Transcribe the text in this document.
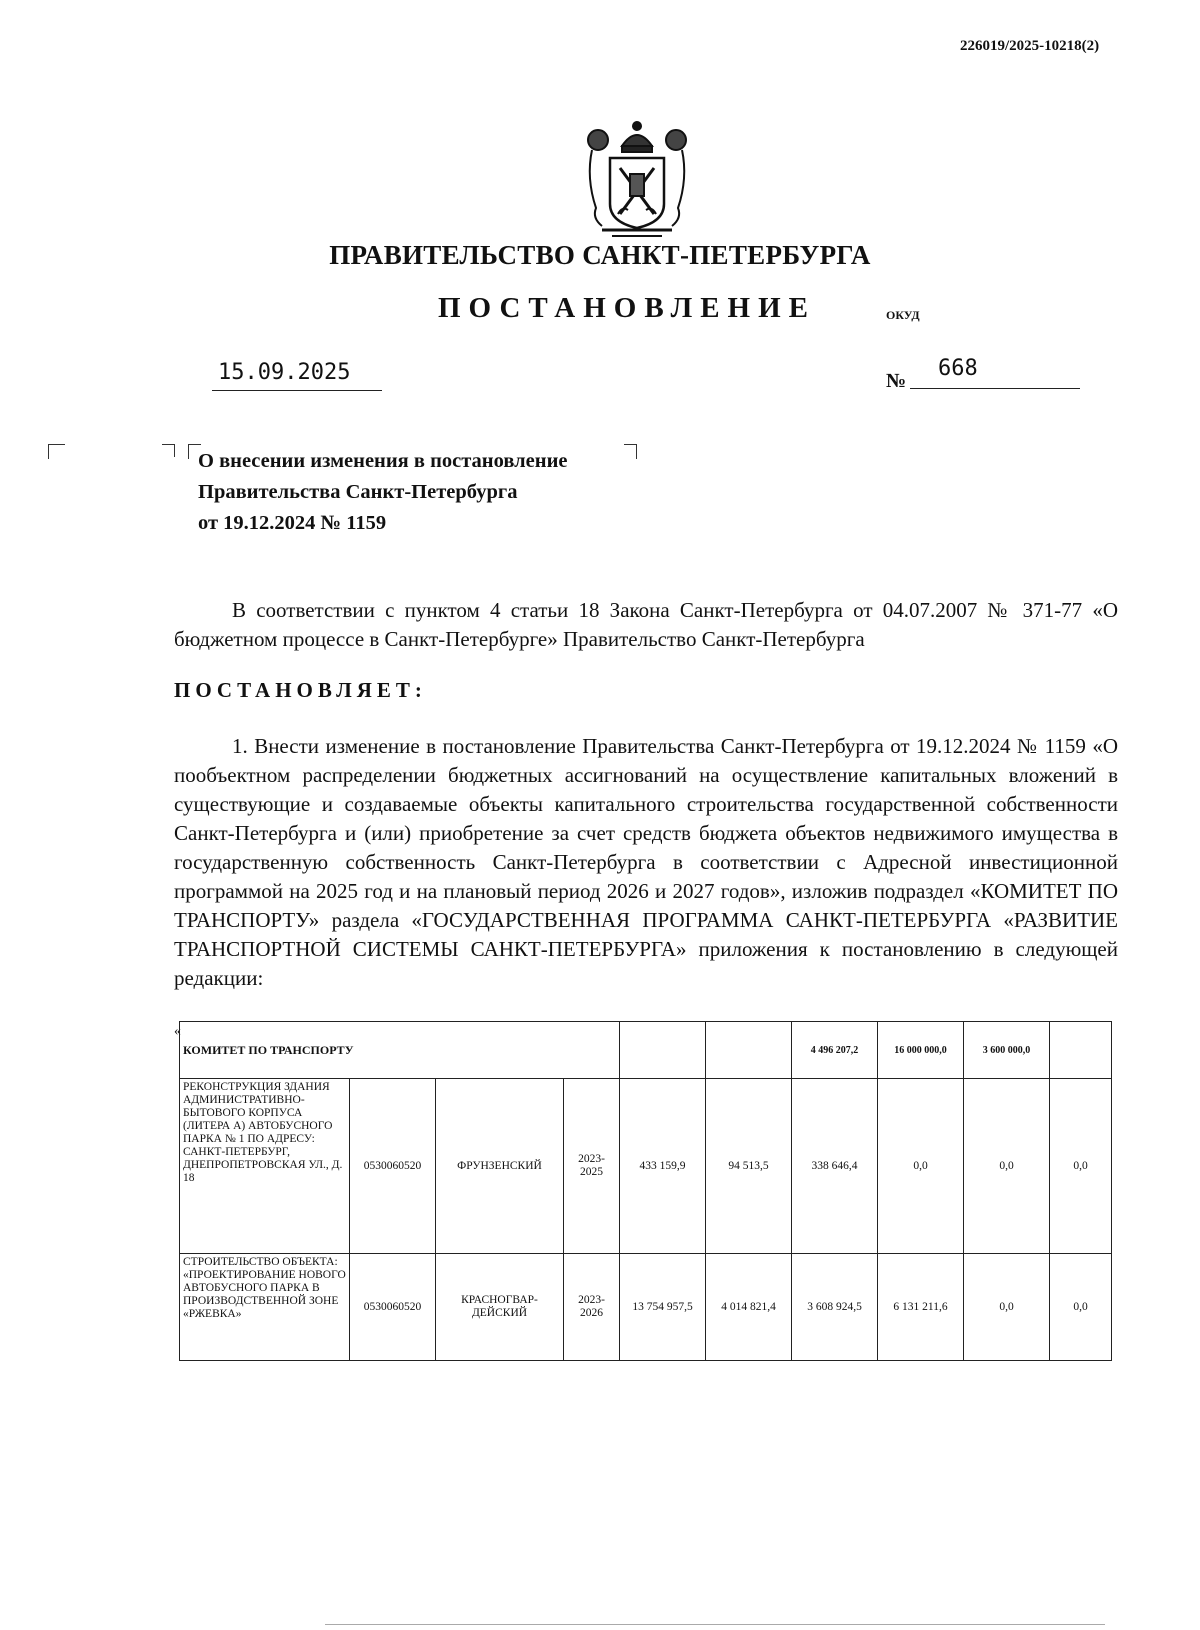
226019/2025-10218(2)
ПРАВИТЕЛЬСТВО САНКТ-ПЕТЕРБУРГА
ПОСТАНОВЛЕНИЕ	ОКУД
15.09.2025	№ 668
О внесении изменения в постановление
Правительства Санкт-Петербурга
от 19.12.2024 № 1159
В соответствии с пунктом 4 статьи 18 Закона Санкт-Петербурга от 04.07.2007 № 371-77 «О бюджетном процессе в Санкт-Петербурге» Правительство Санкт-Петербурга
ПОСТАНОВЛЯЕТ:
1. Внести изменение в постановление Правительства Санкт-Петербурга от 19.12.2024 № 1159 «О пообъектном распределении бюджетных ассигнований на осуществление капитальных вложений в существующие и создаваемые объекты капитального строительства государственной собственности Санкт-Петербурга и (или) приобретение за счет средств бюджета объектов недвижимого имущества в государственную собственность Санкт-Петербурга в соответствии с Адресной инвестиционной программой на 2025 год и на плановый период 2026 и 2027 годов», изложив подраздел «КОМИТЕТ ПО ТРАНСПОРТУ» раздела «ГОСУДАРСТВЕННАЯ ПРОГРАММА САНКТ-ПЕТЕРБУРГА «РАЗВИТИЕ ТРАНСПОРТНОЙ СИСТЕМЫ САНКТ-ПЕТЕРБУРГА» приложения к постановлению в следующей редакции:
«
КОМИТЕТ ПО ТРАНСПОРТУ						4 496 207,2	16 000 000,0	3 600 000,0	
РЕКОНСТРУКЦИЯ ЗДАНИЯ АДМИНИСТРАТИВНО-БЫТОВОГО КОРПУСА (ЛИТЕРА А) АВТОБУСНОГО ПАРКА № 1 ПО АДРЕСУ: САНКТ-ПЕТЕРБУРГ, ДНЕПРОПЕТРОВСКАЯ УЛ., Д. 18	0530060520	ФРУНЗЕНСКИЙ	2023-2025	433 159,9	94 513,5	338 646,4	0,0	0,0	0,0
СТРОИТЕЛЬСТВО ОБЪЕКТА: «ПРОЕКТИРОВАНИЕ НОВОГО АВТОБУСНОГО ПАРКА В ПРОИЗВОДСТВЕННОЙ ЗОНЕ «РЖЕВКА»	0530060520	КРАСНОГВАР-ДЕЙСКИЙ	2023-2026	13 754 957,5	4 014 821,4	3 608 924,5	6 131 211,6	0,0	0,0
